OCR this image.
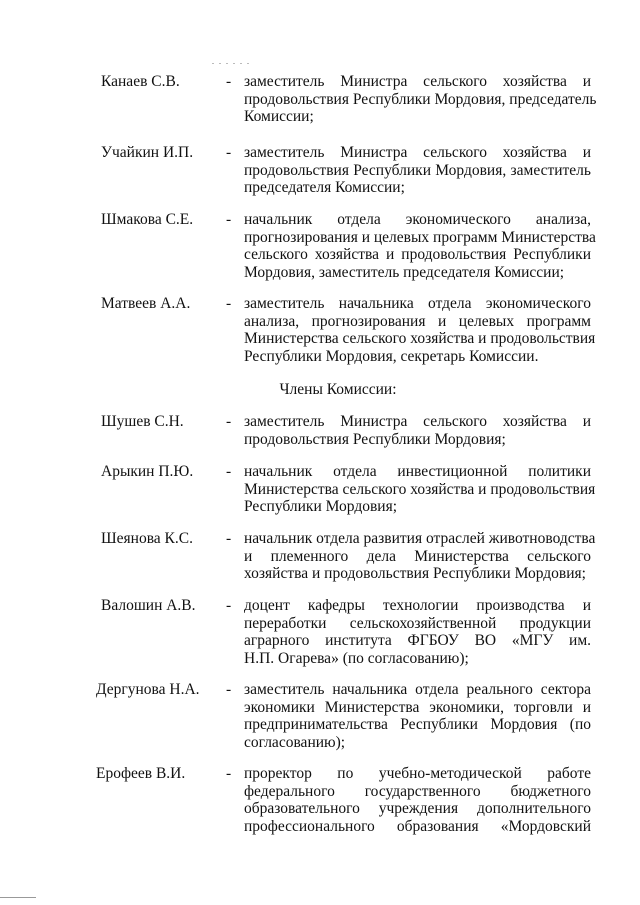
Канаев С.В.	- заместитель Министра сельского хозяйства и
продовольствия Республики Мордовия, председатель
Комиссии;
Учайкин И.П. - заместитель Министра сельского хозяйства и
продовольствия Республики Мордовия, заместитель
председателя Комиссии;
Шмакова С.Е. - начальник отдела экономического анализа,
прогнозирования и целевых программ Министерства
сельского хозяйства и продовольствия Республики
Мордовия, заместитель председателя Комиссии;
Матвеев А.А. - заместитель начальника отдела экономического
анализа, прогнозирования и целевых программ
Министерства сельского хозяйства и продовольствия
Республики Мордовия, секретарь Комиссии.
Члены Комиссии:
Шушев С.Н.	- заместитель Министра сельского хозяйства и
продовольствия Республики Мордовия;
Арыкин П.Ю. - начальник отдела инвестиционной политики
Министерства сельского хозяйства и продовольствия
Республики Мордовия;
Шеянова К.С. - начальник отдела развития отраслей животноводства
и племенного дела Министерства сельского
хозяйства и продовольствия Республики Мордовия;
Валошин А.В. - доцент кафедры технологии производства и
переработки сельскохозяйственной продукции
аграрного института ФГБОУ ВО «МГУ им.
Н.П. Огарева» (по согласованию);
Дергунова Н.А. - заместитель начальника отдела реального сектора
экономики Министерства экономики, торговли и
предпринимательства Республики Мордовия (по
согласованию);
Ерофеев В.И.	- проректор по учебно-методической работе
федерального государственного бюджетного
образовательного учреждения дополнительного
профессионального образования «Мордовский
